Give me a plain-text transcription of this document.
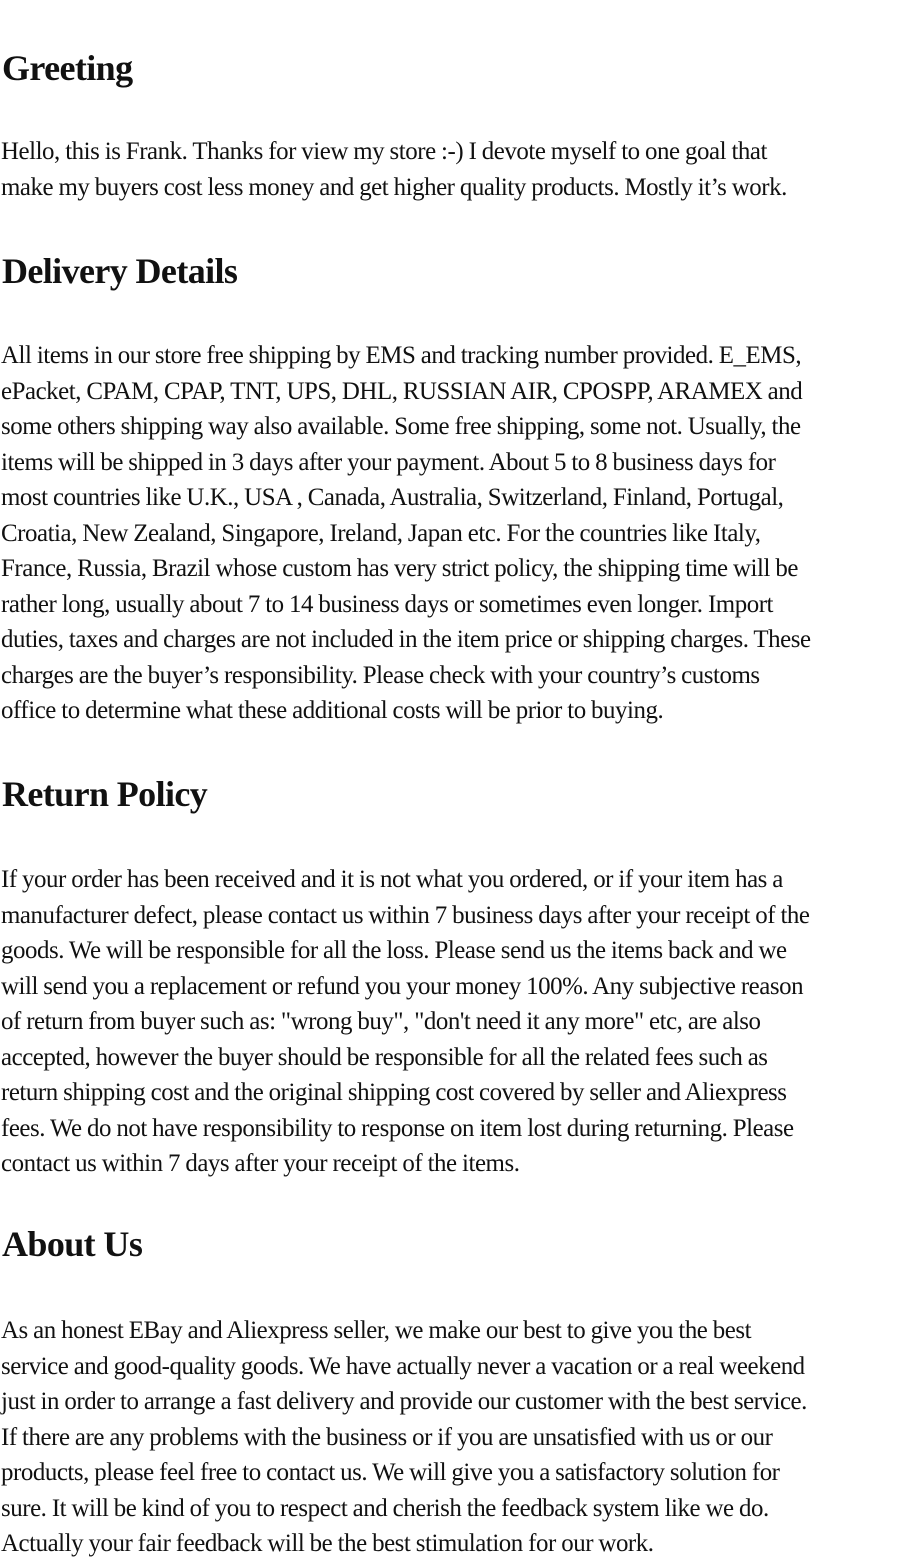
Greeting

Hello, this is Frank. Thanks for view my store :-) I devote myself to one goal that
make my buyers cost less money and get higher quality products. Mostly it’s work.

Delivery Details

All items in our store free shipping by EMS and tracking number provided. E_EMS,
ePacket, CPAM, CPAP, TNT, UPS, DHL, RUSSIAN AIR, CPOSPP, ARAMEX and
some others shipping way also available. Some free shipping, some not. Usually, the
items will be shipped in 3 days after your payment. About 5 to 8 business days for
most countries like U.K., USA , Canada, Australia, Switzerland, Finland, Portugal,
Croatia, New Zealand, Singapore, Ireland, Japan etc. For the countries like Italy,
France, Russia, Brazil whose custom has very strict policy, the shipping time will be
rather long, usually about 7 to 14 business days or sometimes even longer. Import
duties, taxes and charges are not included in the item price or shipping charges. These
charges are the buyer’s responsibility. Please check with your country’s customs
office to determine what these additional costs will be prior to buying.

Return Policy

If your order has been received and it is not what you ordered, or if your item has a
manufacturer defect, please contact us within 7 business days after your receipt of the
goods. We will be responsible for all the loss. Please send us the items back and we
will send you a replacement or refund you your money 100%. Any subjective reason
of return from buyer such as: "wrong buy", "don't need it any more" etc, are also
accepted, however the buyer should be responsible for all the related fees such as
return shipping cost and the original shipping cost covered by seller and Aliexpress
fees. We do not have responsibility to response on item lost during returning. Please
contact us within 7 days after your receipt of the items.

About Us

As an honest EBay and Aliexpress seller, we make our best to give you the best
service and good-quality goods. We have actually never a vacation or a real weekend
just in order to arrange a fast delivery and provide our customer with the best service.
If there are any problems with the business or if you are unsatisfied with us or our
products, please feel free to contact us. We will give you a satisfactory solution for
sure. It will be kind of you to respect and cherish the feedback system like we do.
Actually your fair feedback will be the best stimulation for our work.
